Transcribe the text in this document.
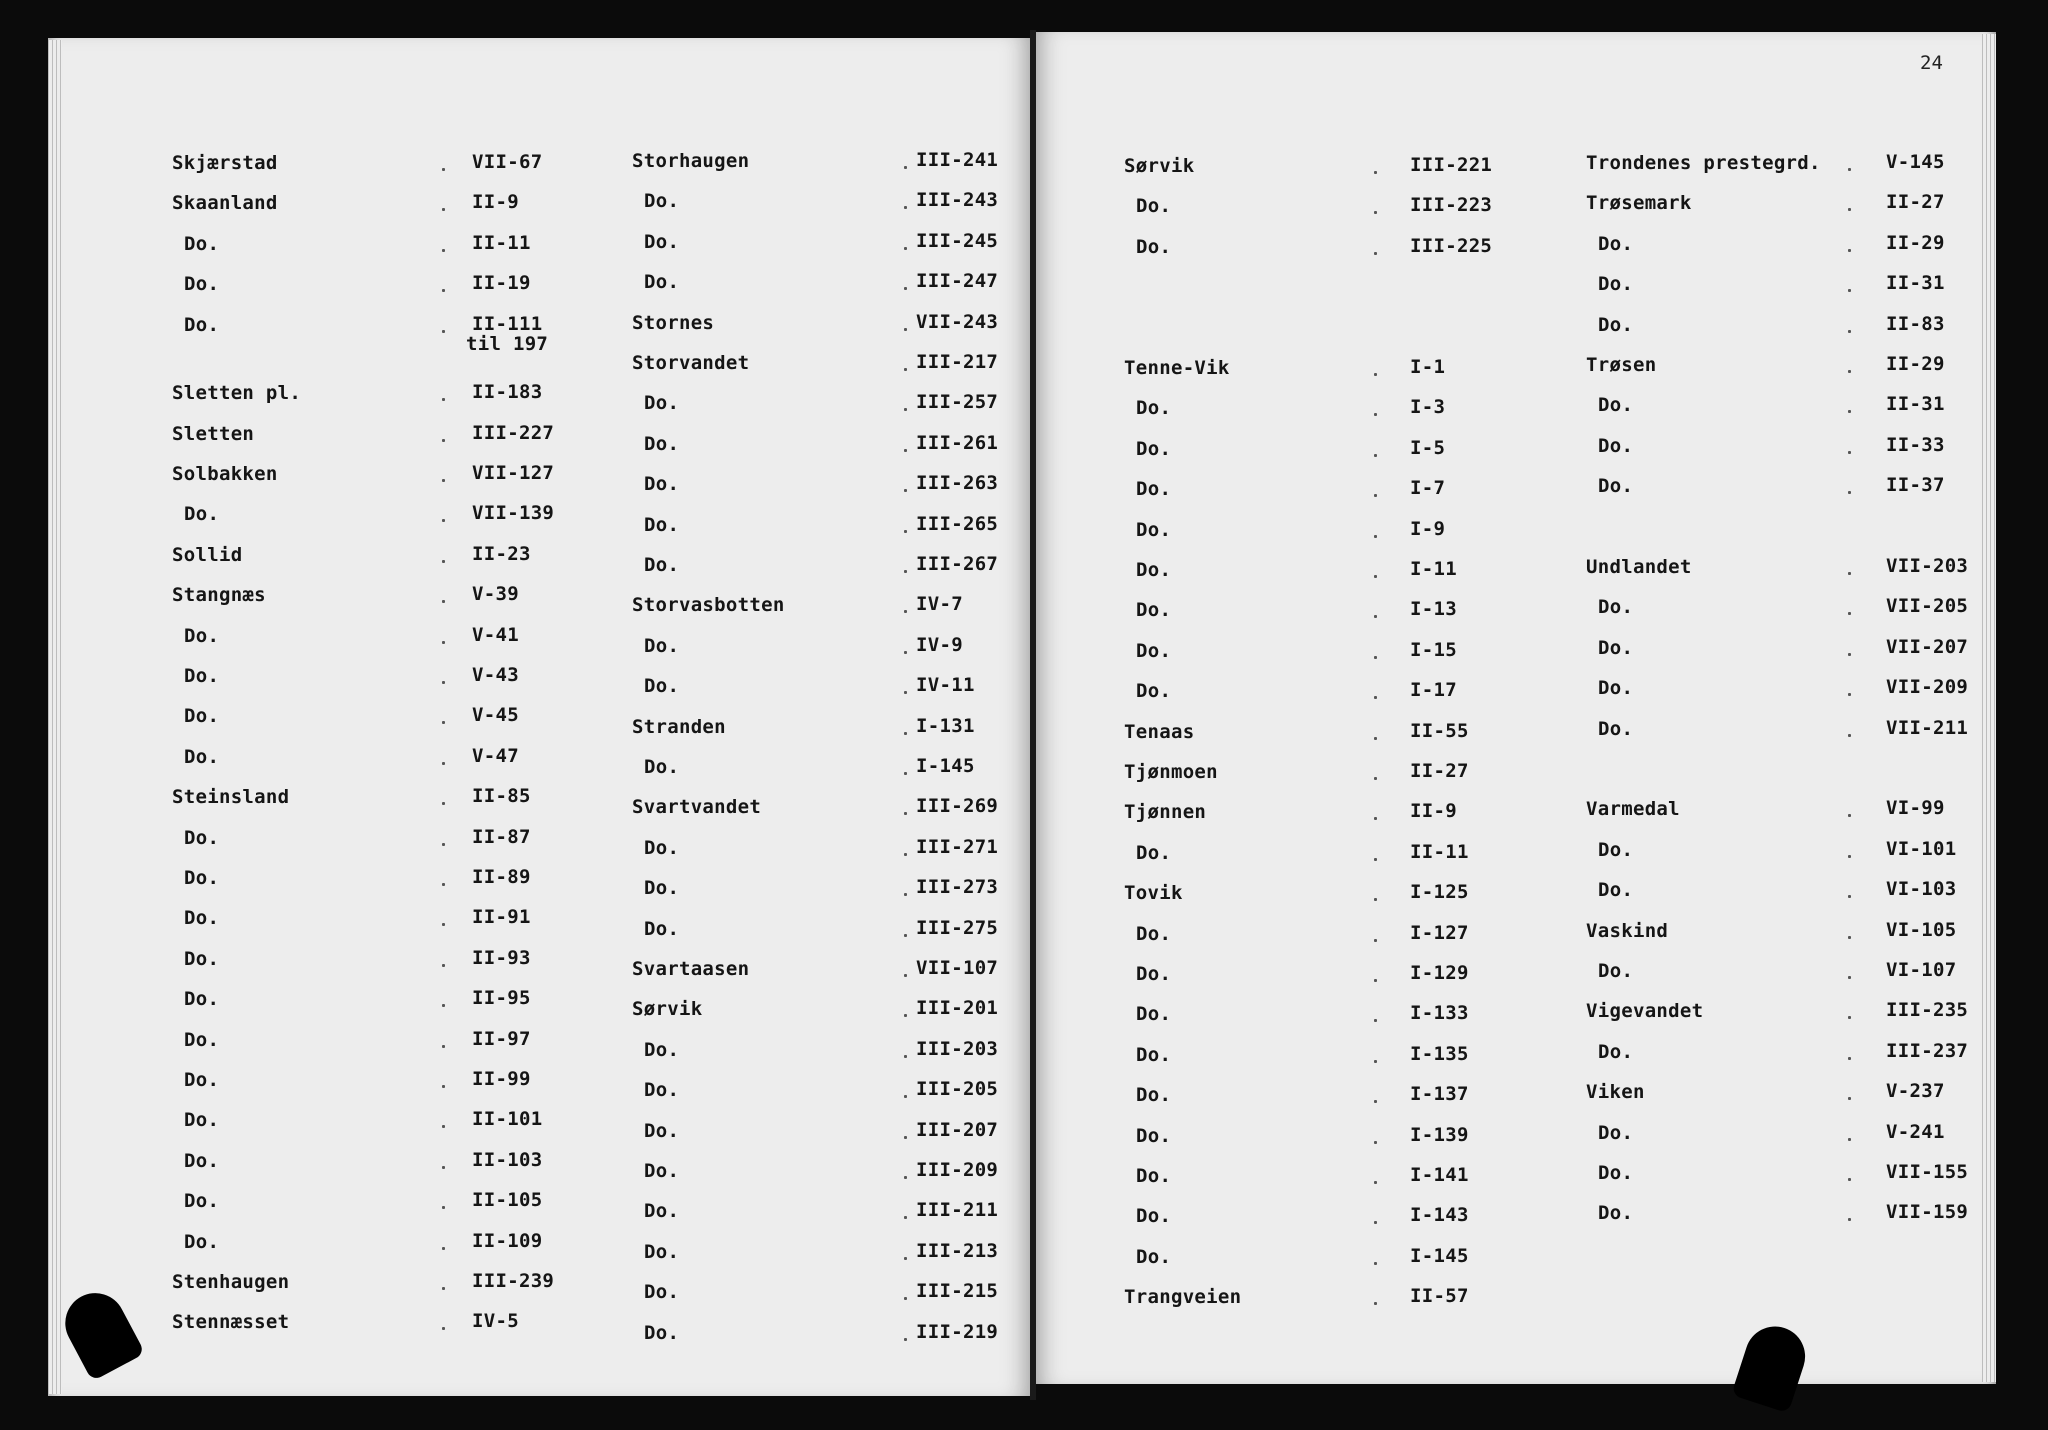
24
Skjærstad	VII-67
Skaanland	II-9
Do.	II-11
Do.	II-19
Do.	II-111
til 197
Sletten pl.	II-183
Sletten	III-227
Solbakken	VII-127
Do.	VII-139
Sollid	II-23
Stangnæs	V-39
Do.	V-41
Do.	V-43
Do.	V-45
Do.	V-47
Steinsland	II-85
Do.	II-87
Do.	II-89
Do.	II-91
Do.	II-93
Do.	II-95
Do.	II-97
Do.	II-99
Do.	II-101
Do.	II-103
Do.	II-105
Do.	II-109
Stenhaugen	III-239
Stennæsset	IV-5
Storhaugen	III-241
Do.	III-243
Do.	III-245
Do.	III-247
Stornes	VII-243
Storvandet	III-217
Do.	III-257
Do.	III-261
Do.	III-263
Do.	III-265
Do.	III-267
Storvasbotten	IV-7
Do.	IV-9
Do.	IV-11
Stranden	I-131
Do.	I-145
Svartvandet	III-269
Do.	III-271
Do.	III-273
Do.	III-275
Svartaasen	VII-107
Sørvik	III-201
Do.	III-203
Do.	III-205
Do.	III-207
Do.	III-209
Do.	III-211
Do.	III-213
Do.	III-215
Do.	III-219
Sørvik	III-221
Do.	III-223
Do.	III-225
Tenne-Vik	I-1
Do.	I-3
Do.	I-5
Do.	I-7
Do.	I-9
Do.	I-11
Do.	I-13
Do.	I-15
Do.	I-17
Tenaas	II-55
Tjønmoen	II-27
Tjønnen	II-9
Do.	II-11
Tovik	I-125
Do.	I-127
Do.	I-129
Do.	I-133
Do.	I-135
Do.	I-137
Do.	I-139
Do.	I-141
Do.	I-143
Do.	I-145
Trangveien	II-57
Trondenes prestegrd.	V-145
Trøsemark	II-27
Do.	II-29
Do.	II-31
Do.	II-83
Trøsen	II-29
Do.	II-31
Do.	II-33
Do.	II-37
Undlandet	VII-203
Do.	VII-205
Do.	VII-207
Do.	VII-209
Do.	VII-211
Varmedal	VI-99
Do.	VI-101
Do.	VI-103
Vaskind	VI-105
Do.	VI-107
Vigevandet	III-235
Do.	III-237
Viken	V-237
Do.	V-241
Do.	VII-155
Do.	VII-159
